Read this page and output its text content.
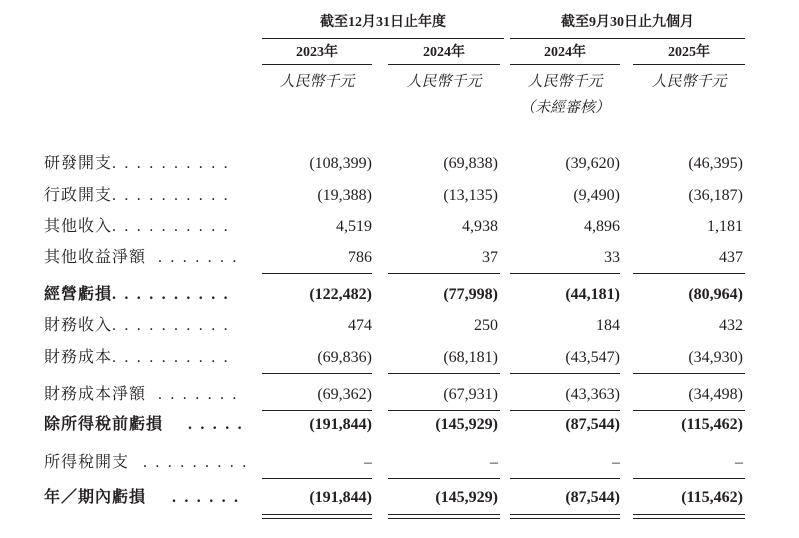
截至12月31日止年度	截至9月30日止九個月
2023年	2024年	2024年	2025年
人民幣千元	人民幣千元	人民幣千元	人民幣千元
（未經審核）
研發開支 . . . . . . . . . .	(108,399)	(69,838)	(39,620)	(46,395)
行政開支 . . . . . . . . . .	(19,388)	(13,135)	(9,490)	(36,187)
其他收入 . . . . . . . . . .	4,519	4,938	4,896	1,181
其他收益淨額 . . . . . . .	786	37	33	437
經營虧損 . . . . . . . . . .	(122,482)	(77,998)	(44,181)	(80,964)
財務收入 . . . . . . . . . .	474	250	184	432
財務成本 . . . . . . . . . .	(69,836)	(68,181)	(43,547)	(34,930)
財務成本淨額 . . . . . . .	(69,362)	(67,931)	(43,363)	(34,498)
除所得稅前虧損 . . . . .	(191,844)	(145,929)	(87,544)	(115,462)
所得稅開支 . . . . . . . . .	–	–	–	–
年／期內虧損 . . . . . .	(191,844)	(145,929)	(87,544)	(115,462)
